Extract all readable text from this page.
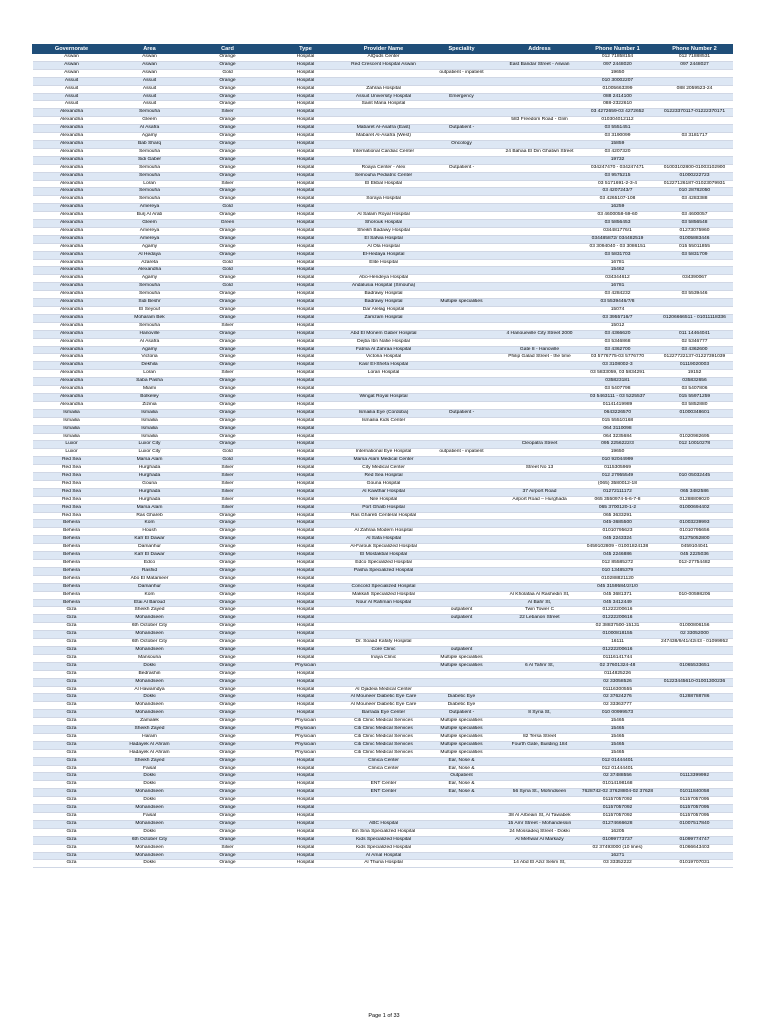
Governorate	Area	Card	Type	Provider Name	Speciality	Address	Phone Number 1	Phone Number 2
Aswan	Aswan	Orange	Hospital	AlQuds Center			012 71858154	012 71888531
Aswan	Aswan	Orange	Hospital	Red Crescent Hospital Aswan		East Bandar Street - Aswan	097 2448020	097 2448027
Aswan	Aswan	Gold	Hospital		outpatient - inpatient		19650	
Assuit	Assuit	Orange	Hospital				010 30002207	
Assuit	Assuit	Orange	Hospital	Zahraa Hospital			01005663399	088 2059523-24
Assuit	Assuit	Orange	Hospital	Assuit University Hospital	Emergency		088 2414100	
Assuit	Assuit	Orange	Hospital	Saint Maria Hospital			088-2322610	
Alexandria	Semouha	Silver	Hospital				03 4272659-03 4272652	01223370117-01222370171
Alexandria	Gleem	Orange	Hospital			583 Freedom Road - Glim	010304012112	
Alexandria	Al Asafra	Orange	Hospital	Mabaret Al-Asafra (East)	Outpatient -		03 5551451	
Alexandria	Agamy	Orange	Hospital	Mabaret Al-Asafra (West)			03 3190099	03 3181717
Alexandria	Bab Sharq	Orange	Hospital		Oncology		15859	
Alexandria	Semouha	Orange	Hospital	International Cardiac Center		24 Bahaa El Din Ghatwri Street	03 4207320	
Alexandria	Sidi Gaber	Orange	Hospital				19732	
Alexandria	Semouha	Orange	Hospital	Roaya Center - Alex	Outpatient -		034247470 - 034247471	01003102800-01003102900
Alexandria	Semouha	Orange	Hospital	Semouha Pediatric Center			03 9575215	01000222723
Alexandria	Loran	Silver	Hospital	El Ekbal Hospital			03 5171691-2-3-4	01227126187-01023079931
Alexandria	Semouha	Orange	Hospital				03 4207243/7	010 28782050
Alexandria	Semouha	Orange	Hospital	Soraya Hospital			03 4265107-108	03 4283388
Alexandria	Amereya	Gold	Hospital				16259	
Alexandria	Burj Al Arab	Orange	Hospital	Al Salam Royal Hospital			03 4600058-59-60	03 4600057
Alexandria	Gleem	Green	Hospital	Shorouk Hospital			03 5856453	03 5856548
Alexandria	Amereya	Orange	Hospital	Sheikh Badawy Hospital			034481776/1	01273075960
Alexandria	Amereya	Orange	Hospital	El Safwa Hospital			034485872/ 034482519	01005883446
Alexandria	Agamy	Orange	Hospital	Al Ola Hospital			03 3094040 - 03 3086151	015 55011855
Alexandria	Al Hedaya	Orange	Hospital	El-Hedaya Hospital			03 5831703	03 5831709
Alexandria	Azareta	Gold	Hospital	Elite Hospital			16781	
Alexandria	Alexandria	Gold	Hospital				15462	
Alexandria	Agamy	Orange	Hospital	Abo-Hendeya Hospital			034344612	034390067
Alexandria	Semouha	Gold	Hospital	Andalusia Hospital (Smouha)			16781	
Alexandria	Semouha	Orange	Hospital	Badrawy Hospital			03 4284232	03 5539446
Alexandria	Sidi Beshr	Orange	Hospital	Badrawy Hospital	Multiple specialities		03 5539446/7/8	
Alexandria	El Seyouf	Orange	Hospital	Dar Alelag Hospital			15074	
Alexandria	Moharam Bek	Orange	Hospital	Zamzam Hospital			03 3955716/7	01206666511 - 01011118336
Alexandria	Semouha	Silver	Hospital				15012	
Alexandria	Hanoville	Orange	Hospital	Abd El Monem Gaber Hospital		4 Hanoueville City Street 2000	03 4366620	011 14464041
Alexandria	Al Asafra	Orange	Hospital	Dejba Ibn Nafie Hospital			03 5346868	02 5346777
Alexandria	Agamy	Orange	Hospital	Fatma Al Zahraa Hospital		Gate 8 - Hanoville	03 4362700	03 4362600
Alexandria	Victoria	Orange	Hospital	Victoria Hospital		Philip Galad Street - the time	03 5776775-03 5776770	01227722137-01227391039
Alexandria	Dekhila	Orange	Hospital	Kasr El-Shefa Hospital			03 3108002-3	01119020003
Alexandria	Loran	Silver	Hospital	Loran Hospital			03 5833059, 03 5834291	19152
Alexandria	Saba Pasha	Orange	Hospital				035823181	035832656
Alexandria	Miami	Orange	Hospital				03 5407798	03 5407806
Alexandria	Bolkeley	Orange	Hospital	Wingat Royal Hospital			03 5463111 - 03 5225537	015 55971259
Alexandria	Zizinia	Orange	Hospital				01141419989	03 5852880
Ismailia	Ismailia	Orange	Hospital	Ismailia Eye (Cordoba)	Outpatient -		0643226570	01000348601
Ismailia	Ismailia	Orange	Hospital	Ismailia Kids Center			015 55510168	
Ismailia	Ismailia	Orange	Hospital				064 3110098	
Ismailia	Ismailia	Orange	Hospital				064 3235684	01020982695
Luxor	Luxor City	Orange	Hospital			Cleopatra Street	095 2256222/3	012 10010278
Luxor	Luxor City	Gold	Hospital	International Eye Hospital	outpatient - inpatient		19650	
Red Sea	Marsa Alam	Gold	Hospital	Marsa Alam Medical Center			010 92044999	
Red Sea	Hurghada	Silver	Hospital	City Medical Center		Street No 13	0115305969	
Red Sea	Hurghada	Silver	Hospital	Red Sea Hospital			012 27955549	010 05032445
Red Sea	Gouna	Silver	Hospital	Gouna Hospital			(065) 3580012-18	
Red Sea	Hurghada	Silver	Hospital	Al Kawthar Hospital		37 Airport Road	01272111172	065 3482586
Red Sea	Hurghada	Silver	Hospital	Nile Hospital		Airport Road – Hurghada	065 3550974-5-6-7-8	01288809020
Red Sea	Marsa Alam	Silver	Hospital	Port Ghalb Hospital			065 3700120-1-2	01000694402
Red Sea	Ras Ghareb	Orange	Hospital	Ras Ghareb Centeral Hospital			065 3633291	
Beheira	Kom	Orange	Hospital				045-3685500	01003239993
Beheira	Housh	Orange	Hospital	Al Zahraa Modern Hospital			01010795623	01010795656
Beheira	Kafr El Dawar	Orange	Hospital	Al Safa Hospital			045 2243324	01275052800
Beheira	Damanhur	Orange	Hospital	Al-Farouk Specialized Hospital			0459102809 - 01001824138	0459104041
Beheira	Kafr El Dawar	Orange	Hospital	El Mostakbal Hospital			045 2246886	045 2225036
Beheira	Edco	Orange	Hospital	Edco Specialized Hospital			012 85585272	012-27754482
Beheira	Rashid	Orange	Hospital	Pasha Specialized Hospital			010 13485379	
Beheira	Abo El Matameer	Orange	Hospital				010288821120	
Beheira	Damanhur	Orange	Hospital	Concord Specialized Hospital			045 3159584/2/1/0	
Beheira	Kom	Orange	Hospital	Makkah Specialized Hospital		Al Kholafaa Al Rashedin St,	045 3681371	010-00598206
Beheira	Etai Al Baroud	Orange	Hospital	Nour Al Rahman Hospital		Al Bahr St,	045 3412449	
Giza	Sheikh Zayed	Orange	Hospital		outpatient	Twin Tower C	01222200616	
Giza	Mohandseen	Orange	Hospital		outpatient	22 Lebanon Street	01222200616	
Giza	6th October City	Orange	Hospital				02 38837500-15131	01000806156
Giza	Mohandseen	Orange	Hospital				01000818155	02 33052000
Giza	6th October City	Orange	Hospital	Dr. Soaad Kafafy Hospital			16111	247438/9/41/42/43 - 01099952
Giza	Mohandseen	Orange	Hospital	Core Clinic	outpatient		01222200616	
Giza	Mansouria	Orange	Hospital	Inaya Clinic	Multiple specialities		01116141744	
Giza	Dokki	Orange	Physician		Multiple specialities	6 Al Tahrir St,	02 37601324-48	01065533651
Giza	Bedrashin	Orange	Hospital				0114825226	
Giza	Mohandseen	Orange	Hospital				02 33058526	01223445610-01001300236
Giza	Al Hawamdya	Orange	Hospital	Al Ojadeia Medical Center			01116300555	
Giza	Dokki	Orange	Hospital	Al Mouneer Diabetic Eye Care	Diabetic Eye		02 37624276	01288788786
Giza	Mohandseen	Orange	Hospital	Al Mouneer Diabetic Eye Care	Diabetic Eye		02 33363777	
Giza	Mohandseen	Orange	Hospital	Barrada Eye Center	Outpatient -	8 Syria St,	010 00999573	
Giza	Zamalek	Orange	Physician	Citi Clinic Medical Services	Multiple specialities		15465	
Giza	Sheikh Zayed	Orange	Physician	Citi Clinic Medical Services	Multiple specialities		15465	
Giza	Haram	Orange	Physician	Citi Clinic Medical Services	Multiple specialities	82 Tersa Street	15465	
Giza	Hadayek Al Ahram	Orange	Physician	Citi Clinic Medical Services	Multiple specialities	Fourth Gate, Building 184	15465	
Giza	Hadayek Al Ahram	Orange	Physician	Citi Clinic Medical Services	Multiple specialities		15465	
Giza	Sheikh Zayed	Orange	Hospital	Clinica Center	Ear, Nose &		012 01444401	
Giza	Faisal	Orange	Hospital	Clinica Center	Ear, Nose &		012 01444401	
Giza	Dokki	Orange	Hospital		Outpatient		02 37488556	01113399992
Giza	Dokki	Orange	Hospital	ENT Center	Ear, Nose &		01014198168	
Giza	Mohandseen	Orange	Hospital	ENT Center	Ear, Nose &	56 Syria St., Mohndseen	7628742-02 37628804-02 37628	01011840058
Giza	Dokki	Orange	Hospital				01157057092	01157057095
Giza	Mohandseen	Orange	Hospital				01157057092	01157057095
Giza	Faisal	Orange	Hospital			38 Al Arbeain St, Al Tawabek	01157057092	01157057095
Giza	Mohandseen	Orange	Hospital	ABC Hospital		15 Amr Street - Mohandessin	01274666628	01007517840
Giza	Dokki	Orange	Hospital	Ibn Sina Specialized Hospital		24 Mossadeq Street - Dokki	16205	
Giza	6th October City	Orange	Hospital	Kids Specialized Hospital		Al Mehwar Al Markazy	01099773737	01099774747
Giza	Mohandseen	Silver	Hospital	Kids Specialized Hospital			02 37493000 (10 lines)	01066643403
Giza	Mohandseen	Orange	Hospital	Al Amal Hospital			16271	
Giza	Dokki	Orange	Hospital	Al Thuria Hospital		14 Abd El Aziz Selim St,	03 33352222	01019707031
Page 1 of 33
